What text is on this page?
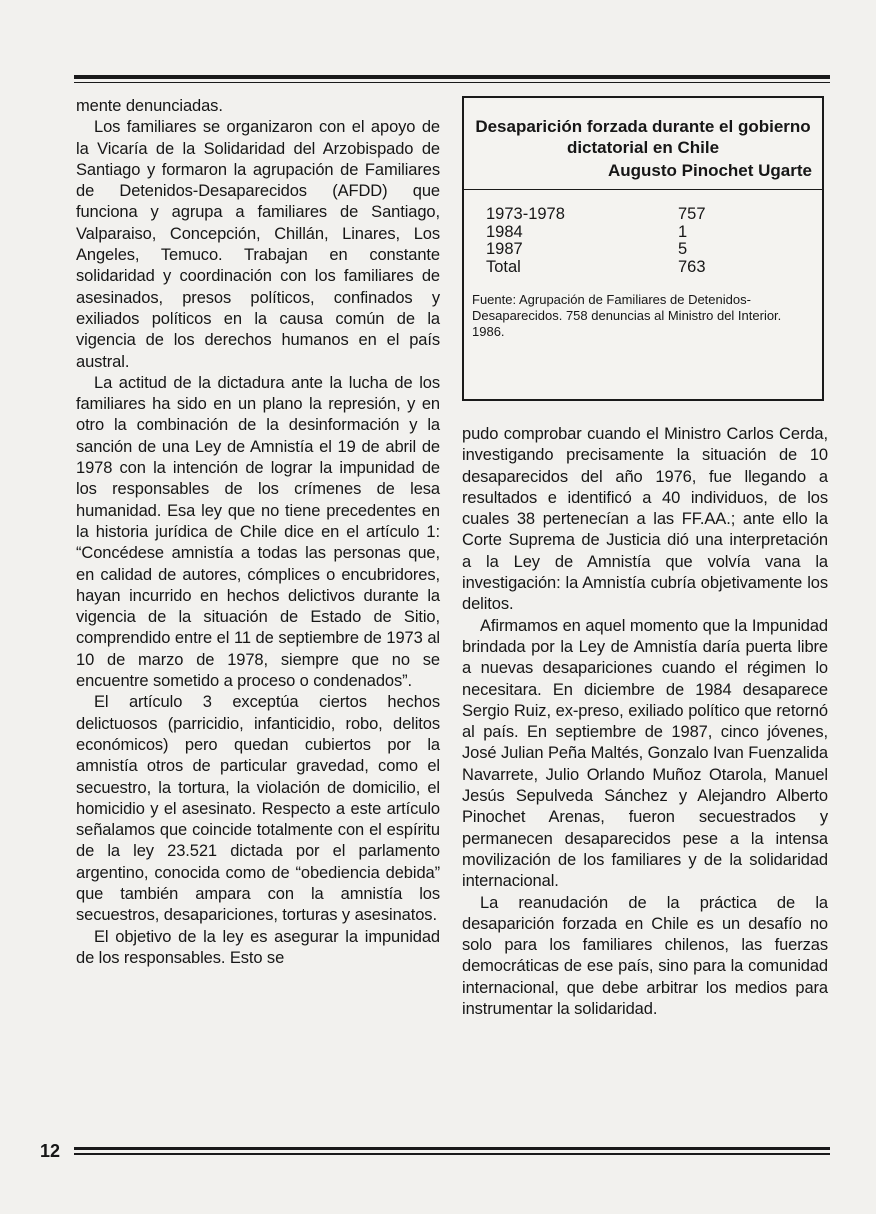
mente denunciadas.

Los familiares se organizaron con el apoyo de la Vicaría de la Solidaridad del Arzobispado de Santiago y formaron la agrupación de Familiares de Detenidos-Desaparecidos (AFDD) que funciona y agrupa a familiares de Santiago, Valparaiso, Concepción, Chillán, Linares, Los Angeles, Temuco. Trabajan en constante solidaridad y coordinación con los familiares de asesinados, presos políticos, confinados y exiliados políticos en la causa común de la vigencia de los derechos humanos en el país austral.

La actitud de la dictadura ante la lucha de los familiares ha sido en un plano la represión, y en otro la combinación de la desinformación y la sanción de una Ley de Amnistía el 19 de abril de 1978 con la intención de lograr la impunidad de los responsables de los crímenes de lesa humanidad. Esa ley que no tiene precedentes en la historia jurídica de Chile dice en el artículo 1: “Concédese amnistía a todas las personas que, en calidad de autores, cómplices o encubridores, hayan incurrido en hechos delictivos durante la vigencia de la situación de Estado de Sitio, comprendido entre el 11 de septiembre de 1973 al 10 de marzo de 1978, siempre que no se encuentre sometido a proceso o condenados”.

El artículo 3 exceptúa ciertos hechos delictuosos (parricidio, infanticidio, robo, delitos económicos) pero quedan cubiertos por la amnistía otros de particular gravedad, como el secuestro, la tortura, la violación de domicilio, el homicidio y el asesinato. Respecto a este artículo señalamos que coincide totalmente con el espíritu de la ley 23.521 dictada por el parlamento argentino, conocida como de “obediencia debida” que también ampara con la amnistía los secuestros, desapariciones, torturas y asesinatos.

El objetivo de la ley es asegurar la impunidad de los responsables. Esto se

Desaparición forzada durante el gobierno dictatorial en Chile
Augusto Pinochet Ugarte
1973-1978	757
1984	1
1987	5
Total	763
Fuente: Agrupación de Familiares de Detenidos-Desaparecidos. 758 denuncias al Ministro del Interior. 1986.

pudo comprobar cuando el Ministro Carlos Cerda, investigando precisamente la situación de 10 desaparecidos del año 1976, fue llegando a resultados e identificó a 40 individuos, de los cuales 38 pertenecían a las FF.AA.; ante ello la Corte Suprema de Justicia dió una interpretación a la Ley de Amnistía que volvía vana la investigación: la Amnistía cubría objetivamente los delitos.

Afirmamos en aquel momento que la Impunidad brindada por la Ley de Amnistía daría puerta libre a nuevas desapariciones cuando el régimen lo necesitara. En diciembre de 1984 desaparece Sergio Ruiz, ex-preso, exiliado político que retornó al país. En septiembre de 1987, cinco jóvenes, José Julian Peña Maltés, Gonzalo Ivan Fuenzalida Navarrete, Julio Orlando Muñoz Otarola, Manuel Jesús Sepulveda Sánchez y Alejandro Alberto Pinochet Arenas, fueron secuestrados y permanecen desaparecidos pese a la intensa movilización de los familiares y de la solidaridad internacional.

La reanudación de la práctica de la desaparición forzada en Chile es un desafío no solo para los familiares chilenos, las fuerzas democráticas de ese país, sino para la comunidad internacional, que debe arbitrar los medios para instrumentar la solidaridad.

12
